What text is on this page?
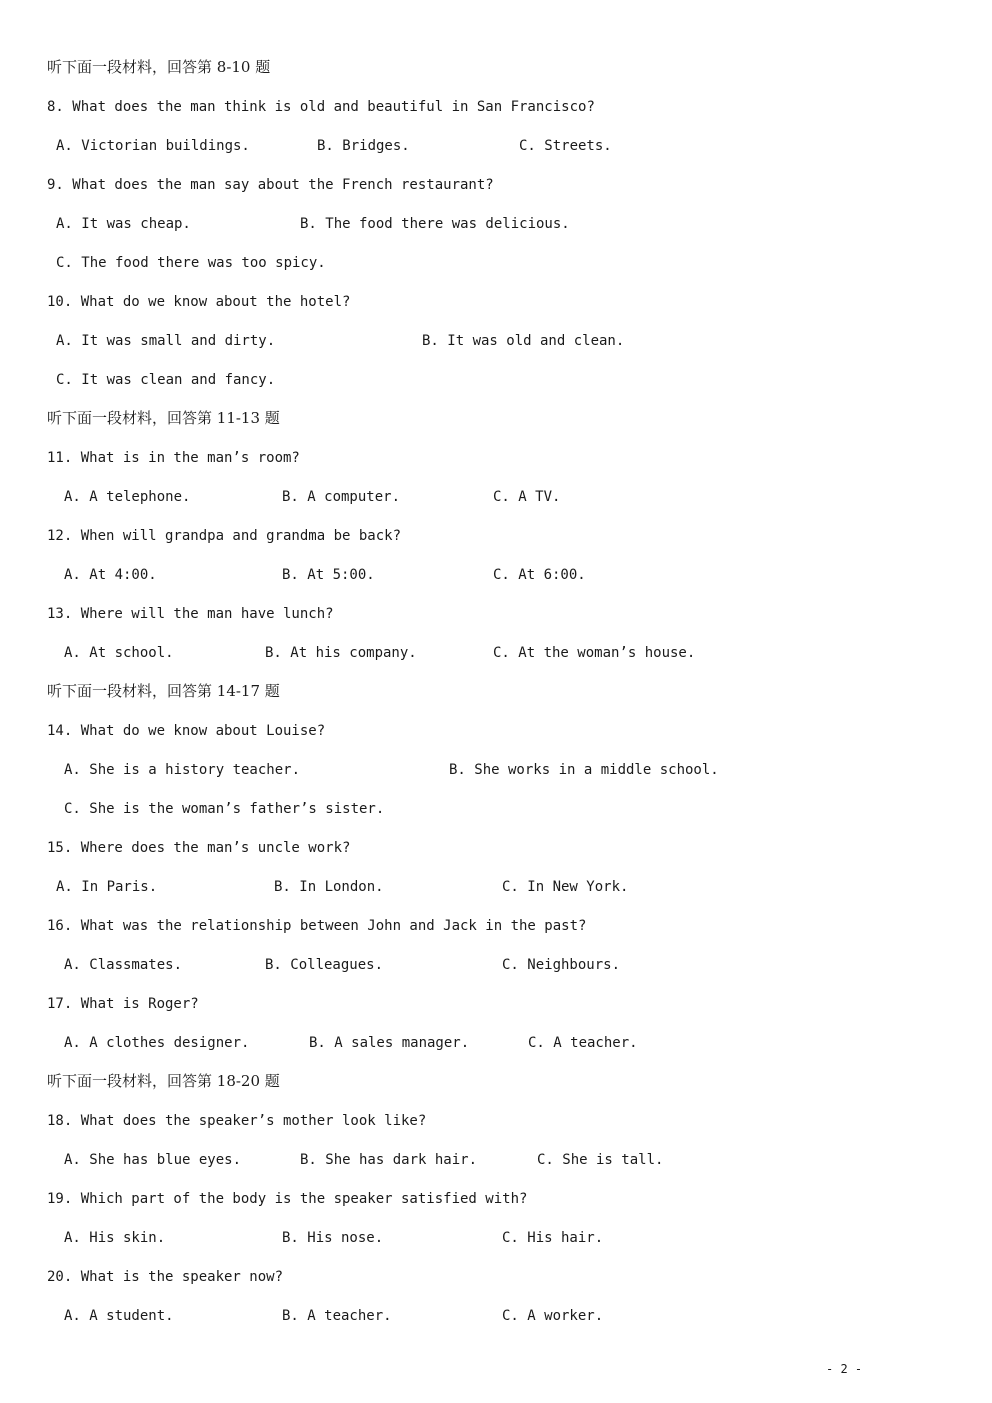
听下面一段材料，回答第 8-10 题
8. What does the man think is old and beautiful in San Francisco?
A. Victorian buildings.	B. Bridges.	C. Streets.
9. What does the man say about the French restaurant?
A. It was cheap.	B. The food there was delicious.
C. The food there was too spicy.
10. What do we know about the hotel?
A. It was small and dirty.	B. It was old and clean.
C. It was clean and fancy.
听下面一段材料，回答第 11-13 题
11. What is in the man’s room?
A. A telephone.	B. A computer.	C. A TV.
12. When will grandpa and grandma be back?
A. At 4:00.	B. At 5:00.	C. At 6:00.
13. Where will the man have lunch?
A. At school.	B. At his company.	C. At the woman’s house.
听下面一段材料，回答第 14-17 题
14. What do we know about Louise?
A. She is a history teacher.	B. She works in a middle school.
C. She is the woman’s father’s sister.
15. Where does the man’s uncle work?
A. In Paris.	B. In London.	C. In New York.
16. What was the relationship between John and Jack in the past?
A. Classmates.	B. Colleagues.	C. Neighbours.
17. What is Roger?
A. A clothes designer.	B. A sales manager.	C. A teacher.
听下面一段材料，回答第 18-20 题
18. What does the speaker’s mother look like?
A. She has blue eyes.	B. She has dark hair.	C. She is tall.
19. Which part of the body is the speaker satisfied with?
A. His skin.	B. His nose.	C. His hair.
20. What is the speaker now?
A. A student.	B. A teacher.	C. A worker.
- 2 -
